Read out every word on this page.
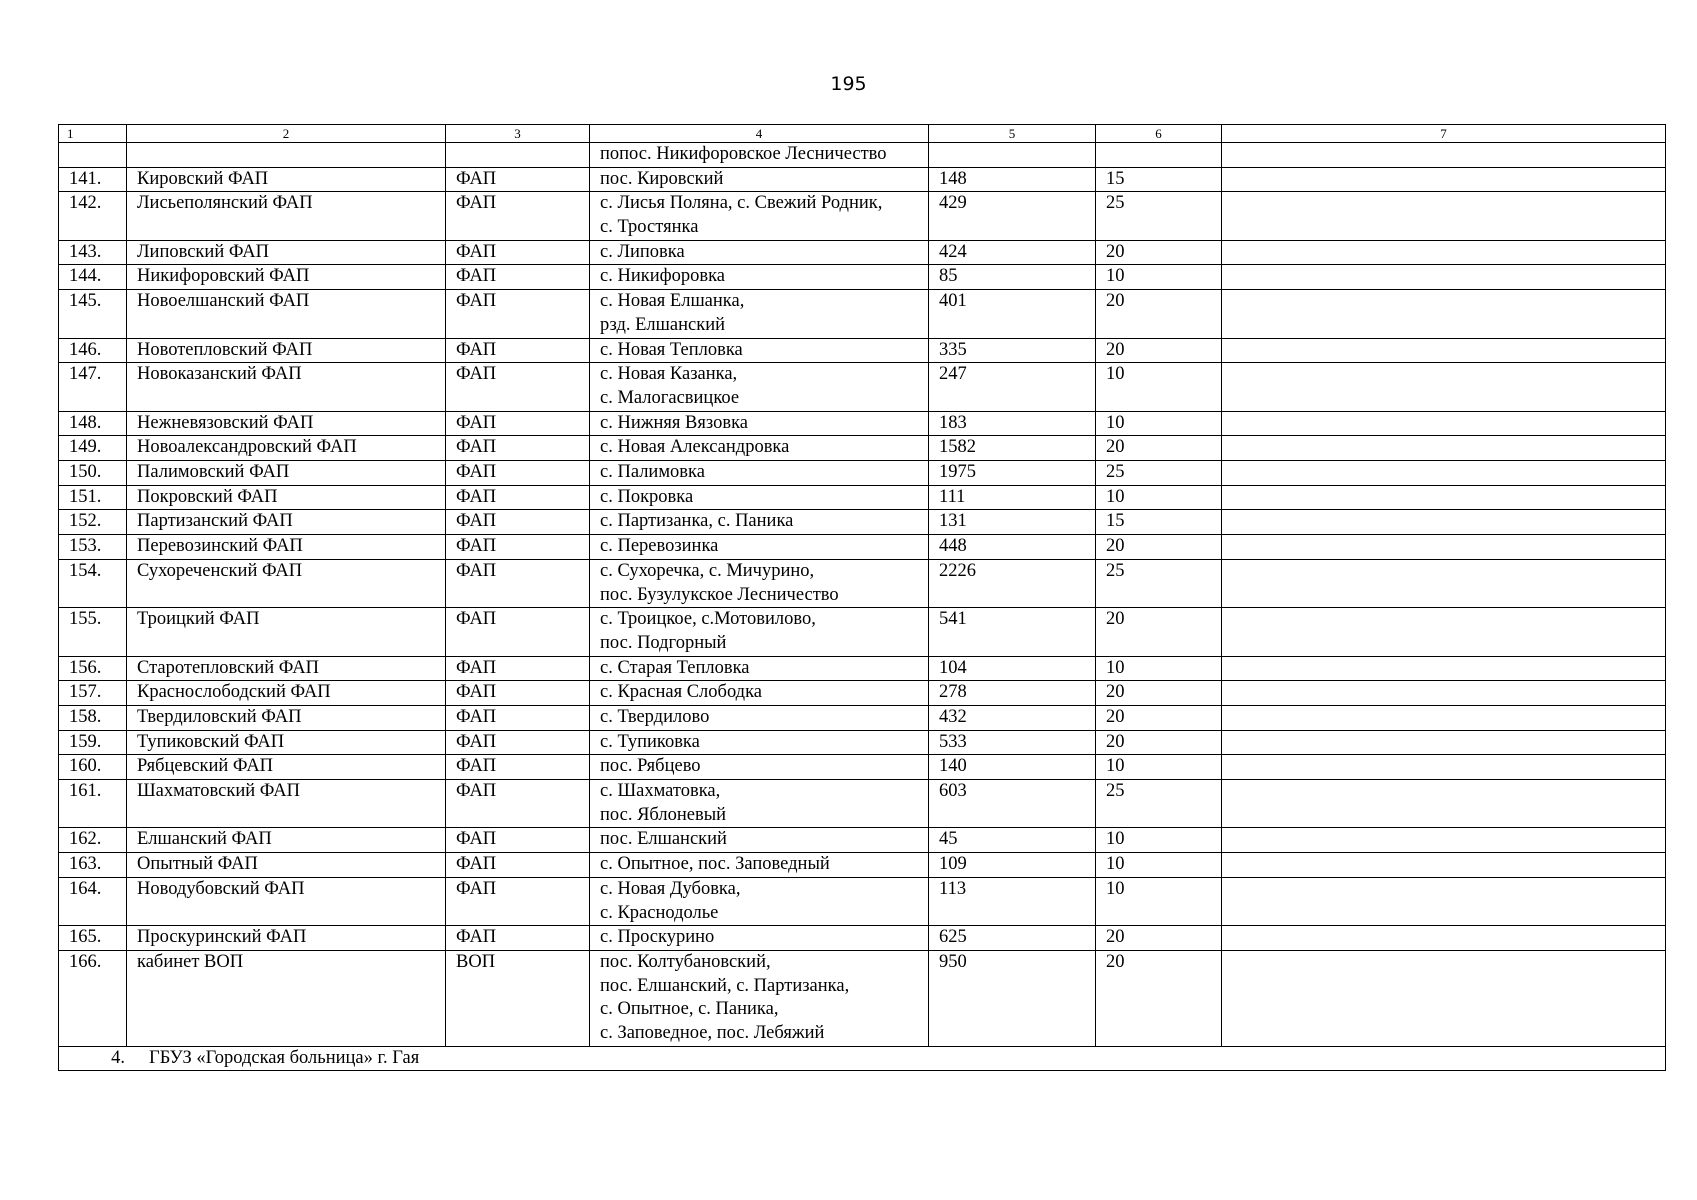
195
1	2	3	4	5	6	7

			попос. Никифоровское Лесничество			

141.	Кировский ФАП	ФАП	пос. Кировский	148	15	
142.	Лисьеполянский ФАП	ФАП	с. Лисья Поляна, с. Свежий Родник,
с. Тростянка	429	25	
143.	Липовский ФАП	ФАП	с. Липовка	424	20	
144.	Никифоровский ФАП	ФАП	с. Никифоровка	85	10	
145.	Новоелшанский ФАП	ФАП	с. Новая Елшанка,
рзд. Елшанский	401	20	
146.	Новотепловский ФАП	ФАП	с. Новая Тепловка	335	20	
147.	Новоказанский ФАП	ФАП	с. Новая Казанка,
с. Малогасвицкое	247	10	
148.	Нежневязовский ФАП	ФАП	с. Нижняя Вязовка	183	10	
149.	Новоалександровский ФАП	ФАП	с. Новая Александровка	1582	20	
150.	Палимовский ФАП	ФАП	с. Палимовка	1975	25	
151.	Покровский ФАП	ФАП	с. Покровка	111	10	
152.	Партизанский ФАП	ФАП	с. Партизанка, с. Паника	131	15	
153.	Перевозинский ФАП	ФАП	с. Перевозинка	448	20	
154.	Сухореченский ФАП	ФАП	с. Сухоречка, с. Мичурино,
пос. Бузулукское Лесничество	2226	25	
155.	Троицкий ФАП	ФАП	с. Троицкое, с.Мотовилово,
пос. Подгорный	541	20	
156.	Старотепловский ФАП	ФАП	с. Старая Тепловка	104	10	
157.	Краснослободский ФАП	ФАП	с. Красная Слободка	278	20	
158.	Твердиловский ФАП	ФАП	с. Твердилово	432	20	
159.	Тупиковский ФАП	ФАП	с. Тупиковка	533	20	
160.	Рябцевский ФАП	ФАП	пос. Рябцево	140	10	
161.	Шахматовский ФАП	ФАП	с. Шахматовка,
пос. Яблоневый	603	25	
162.	Елшанский ФАП	ФАП	пос. Елшанский	45	10	
163.	Опытный ФАП	ФАП	с. Опытное, пос. Заповедный	109	10	
164.	Новодубовский ФАП	ФАП	с. Новая Дубовка,
с. Краснодолье	113	10	
165.	Проскуринский ФАП	ФАП	с. Проскурино	625	20	
166.	кабинет ВОП	ВОП	пос. Колтубановский,
пос. Елшанский, с. Партизанка,
с. Опытное, с. Паника,
с. Заповедное, пос. Лебяжий	950	20	
4. ГБУЗ «Городская больница» г. Гая						
